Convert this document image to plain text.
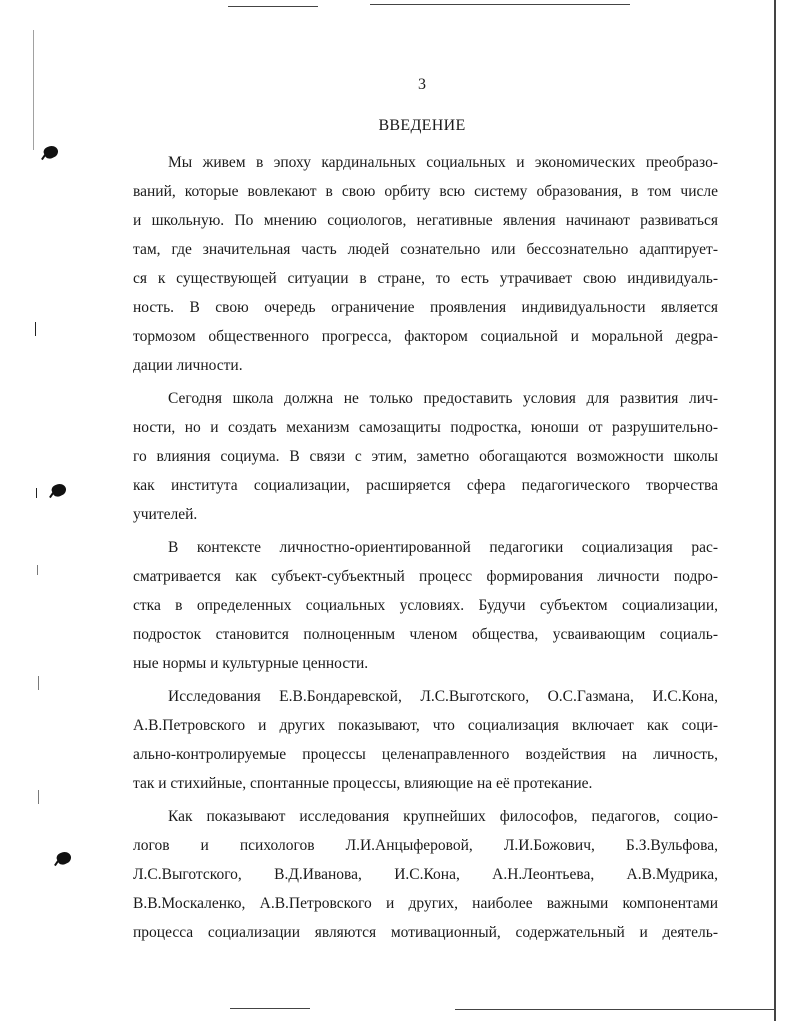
3
ВВЕДЕНИЕ

Мы живем в эпоху кардинальных социальных и экономических преобразо-
ваний, которые вовлекают в свою орбиту всю систему образования, в том числе
и школьную. По мнению социологов, негативные явления начинают развиваться
там, где значительная часть людей сознательно или бессознательно адаптирует-
ся к существующей ситуации в стране, то есть утрачивает свою индивидуаль-
ность. В свою очередь ограничение проявления индивидуальности является
тормозом общественного прогресса, фактором социальной и моральной деgра-
дации личности.

Сегодня школа должна не только предоставить условия для развития лич-
ности, но и создать механизм самозащиты подростка, юноши от разрушительно-
го влияния социума. В связи с этим, заметно обогащаются возможности школы
как института социализации, расширяется сфера педагогического творчества
учителей.

В контексте личностно-ориентированной педагогики социализация рас-
сматривается как субъект-субъектный процесс формирования личности подро-
стка в определенных социальных условиях. Будучи субъектом социализации,
подросток становится полноценным членом общества, усваивающим социаль-
ные нормы и культурные ценности.

Исследования Е.В.Бондаревской, Л.С.Выготского, О.С.Газмана, И.С.Кона,
А.В.Петровского и других показывают, что социализация включает как соци-
ально-контролируемые процессы целенаправленного воздействия на личность,
так и стихийные, спонтанные процессы, влияющие на её протекание.

Как показывают исследования крупнейших философов, педагогов, социо-
логов и психологов Л.И.Анцыферовой, Л.И.Божович, Б.З.Вульфова,
Л.С.Выготского, В.Д.Иванова, И.С.Кона, А.Н.Леонтьева, А.В.Мудрика,
В.В.Москаленко, А.В.Петровского и других, наиболее важными компонентами
процесса социализации являются мотивационный, содержательный и деятель-
